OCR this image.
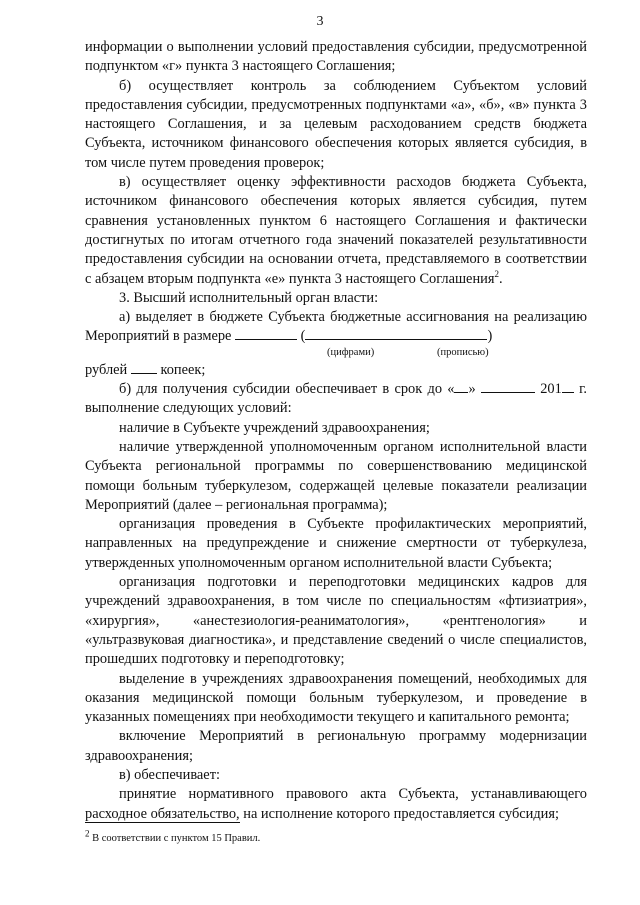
3

информации о выполнении условий предоставления субсидии, предусмотренной подпунктом «г» пункта 3 настоящего Соглашения;

б) осуществляет контроль за соблюдением Субъектом условий предоставления субсидии, предусмотренных подпунктами «а», «б», «в» пункта 3 настоящего Соглашения, и за целевым расходованием средств бюджета Субъекта, источником финансового обеспечения которых является субсидия, в том числе путем проведения проверок;

в) осуществляет оценку эффективности расходов бюджета Субъекта, источником финансового обеспечения которых является субсидия, путем сравнения установленных пунктом 6 настоящего Соглашения и фактически достигнутых по итогам отчетного года значений показателей результативности предоставления субсидии на основании отчета, представляемого в соответствии с абзацем вторым подпункта «е» пункта 3 настоящего Соглашения$^2$.

3. Высший исполнительный орган власти:

а) выделяет в бюджете Субъекта бюджетные ассигнования на реализацию Мероприятий в размере	(	)

(цифрами)	(прописью)

рублей копеек;

б) для получения субсидии обеспечивает в срок до « »	201 г. выполнение следующих условий:

наличие в Субъекте учреждений здравоохранения;

наличие утвержденной уполномоченным органом исполнительной власти Субъекта региональной программы по совершенствованию медицинской помощи больным туберкулезом, содержащей целевые показатели реализации Мероприятий (далее – региональная программа);

организация проведения в Субъекте профилактических мероприятий, направленных на предупреждение и снижение смертности от туберкулеза, утвержденных уполномоченным органом исполнительной власти Субъекта;

организация подготовки и переподготовки медицинских кадров для учреждений здравоохранения, в том числе по специальностям «фтизиатрия», «хирургия», «анестезиология-реаниматология», «рентгенология» и «ультразвуковая диагностика», и представление сведений о числе специалистов, прошедших подготовку и переподготовку;

выделение в учреждениях здравоохранения помещений, необходимых для оказания медицинской помощи больным туберкулезом, и проведение в указанных помещениях при необходимости текущего и капитального ремонта;

включение Мероприятий в региональную программу модернизации здравоохранения;

в) обеспечивает:

принятие нормативного правового акта Субъекта, устанавливающего расходное обязательство, на исполнение которого предоставляется субсидия;

2 В соответствии с пунктом 15 Правил.
